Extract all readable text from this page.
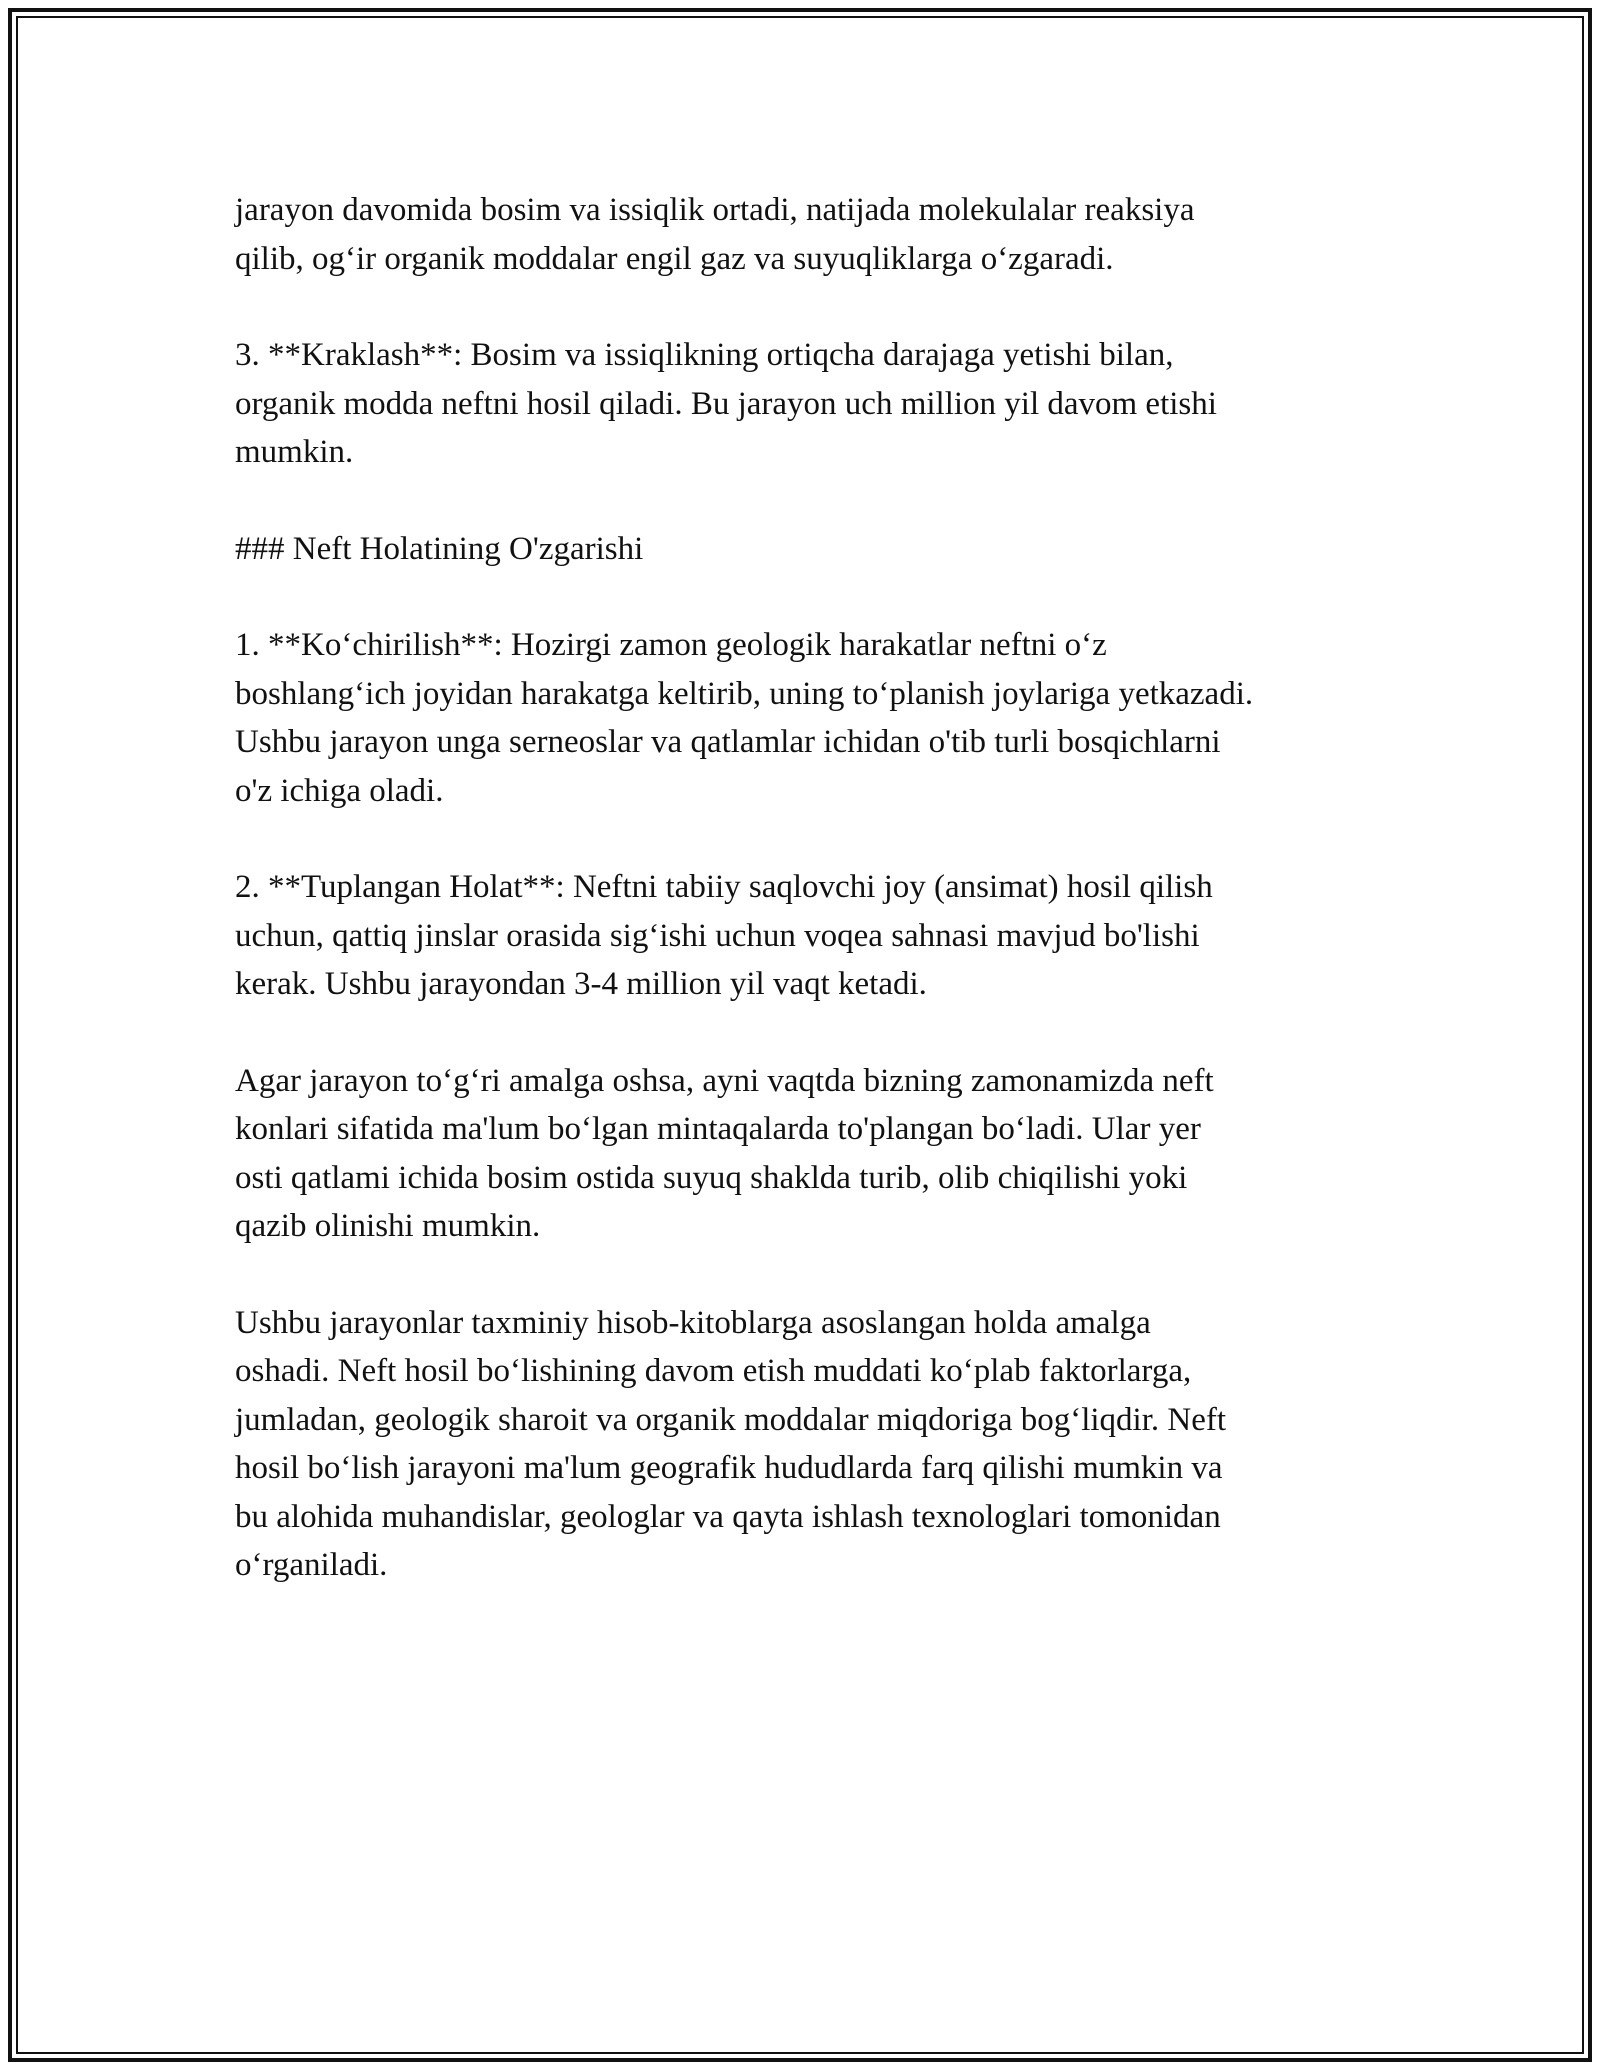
jarayon davomida bosim va issiqlik ortadi, natijada molekulalar reaksiya
qilib, og‘ir organik moddalar engil gaz va suyuqliklarga o‘zgaradi.

3. **Kraklash**: Bosim va issiqlikning ortiqcha darajaga yetishi bilan,
organik modda neftni hosil qiladi. Bu jarayon uch million yil davom etishi
mumkin.

### Neft Holatining O'zgarishi

1. **Ko‘chirilish**: Hozirgi zamon geologik harakatlar neftni o‘z
boshlang‘ich joyidan harakatga keltirib, uning to‘planish joylariga yetkazadi.
Ushbu jarayon unga serneoslar va qatlamlar ichidan o'tib turli bosqichlarni
o'z ichiga oladi.

2. **Tuplangan Holat**: Neftni tabiiy saqlovchi joy (ansimat) hosil qilish
uchun, qattiq jinslar orasida sig‘ishi uchun voqea sahnasi mavjud bo'lishi
kerak. Ushbu jarayondan 3-4 million yil vaqt ketadi.

Agar jarayon to‘g‘ri amalga oshsa, ayni vaqtda bizning zamonamizda neft
konlari sifatida ma'lum bo‘lgan mintaqalarda to'plangan bo‘ladi. Ular yer
osti qatlami ichida bosim ostida suyuq shaklda turib, olib chiqilishi yoki
qazib olinishi mumkin.

Ushbu jarayonlar taxminiy hisob-kitoblarga asoslangan holda amalga
oshadi. Neft hosil bo‘lishining davom etish muddati ko‘plab faktorlarga,
jumladan, geologik sharoit va organik moddalar miqdoriga bog‘liqdir. Neft
hosil bo‘lish jarayoni ma'lum geografik hududlarda farq qilishi mumkin va
bu alohida muhandislar, geologlar va qayta ishlash texnologlari tomonidan
o‘rganiladi.
